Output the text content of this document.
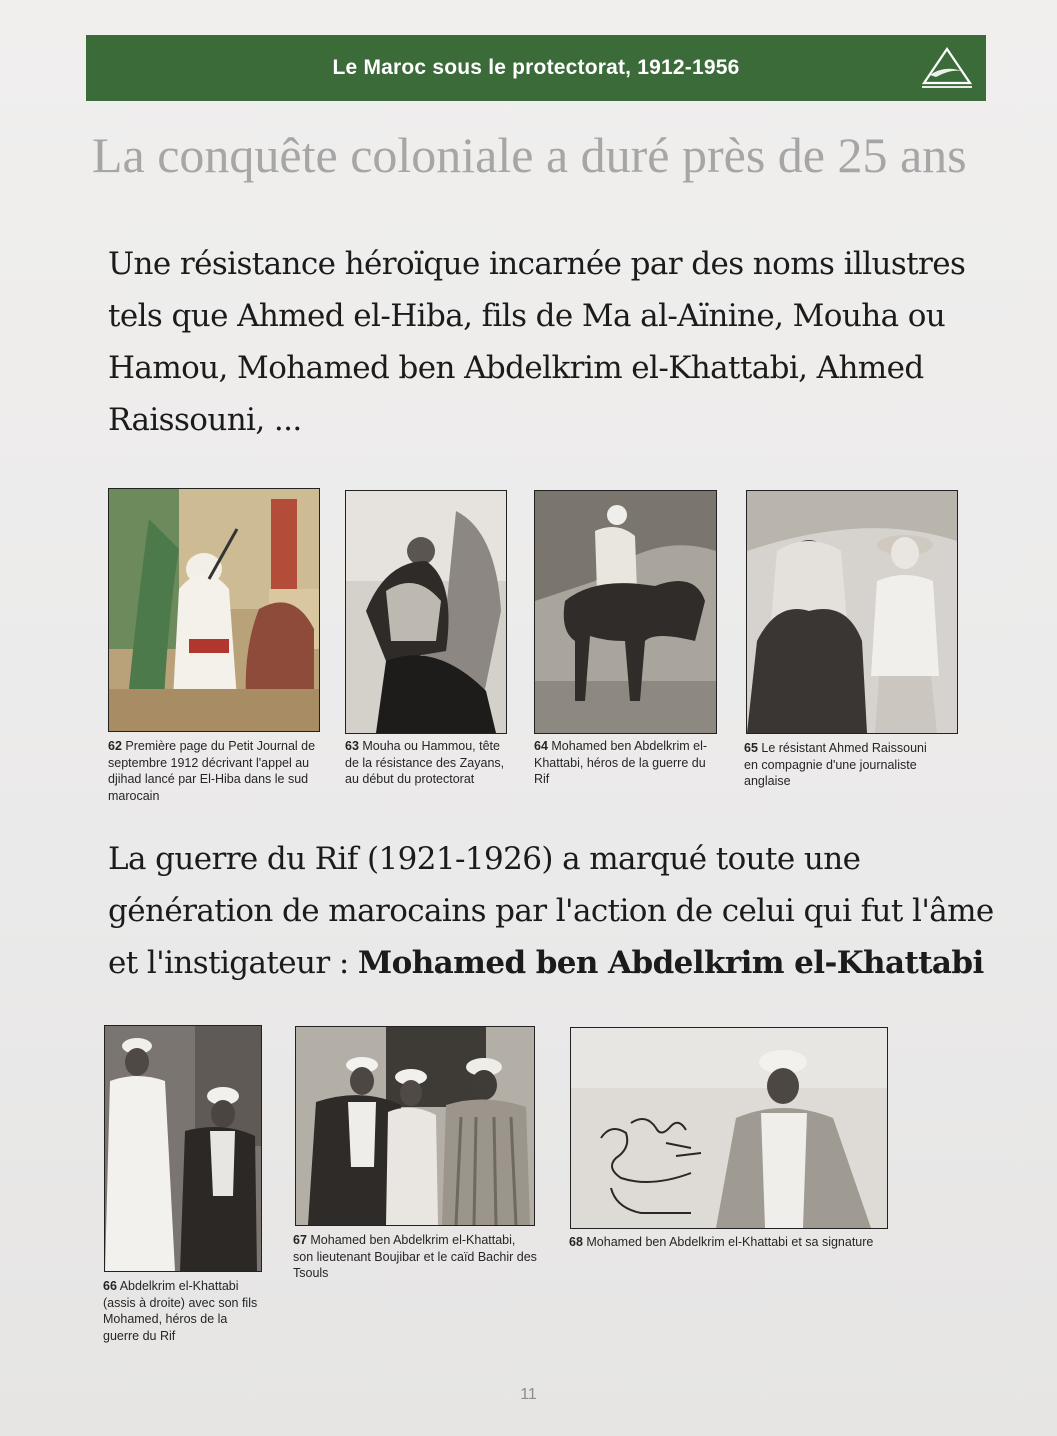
Le Maroc sous le protectorat, 1912-1956
La conquête coloniale a duré près de 25 ans
Une résistance héroïque incarnée par des noms illustres tels que Ahmed el-Hiba, fils de Ma al-Aïnine, Mouha ou Hamou, Mohamed ben Abdelkrim el-Khattabi, Ahmed Raissouni, ...
62 Première page du Petit Journal de septembre 1912 décrivant l'appel au djihad lancé par El-Hiba dans le sud marocain
63 Mouha ou Hammou, tête de la résistance des Zayans, au début du protectorat
64 Mohamed ben Abdelkrim el-Khattabi, héros de la guerre du Rif
65 Le résistant Ahmed Raissouni en compagnie d'une journaliste anglaise
La guerre du Rif (1921-1926) a marqué toute une génération de marocains par l'action de celui qui fut l'âme et l'instigateur : Mohamed ben Abdelkrim el-Khattabi
66 Abdelkrim el-Khattabi (assis à droite) avec son fils Mohamed, héros de la guerre du Rif
67 Mohamed ben Abdelkrim el-Khattabi, son lieutenant Boujibar et le caïd Bachir des Tsouls
68 Mohamed ben Abdelkrim el-Khattabi et sa signature
11
